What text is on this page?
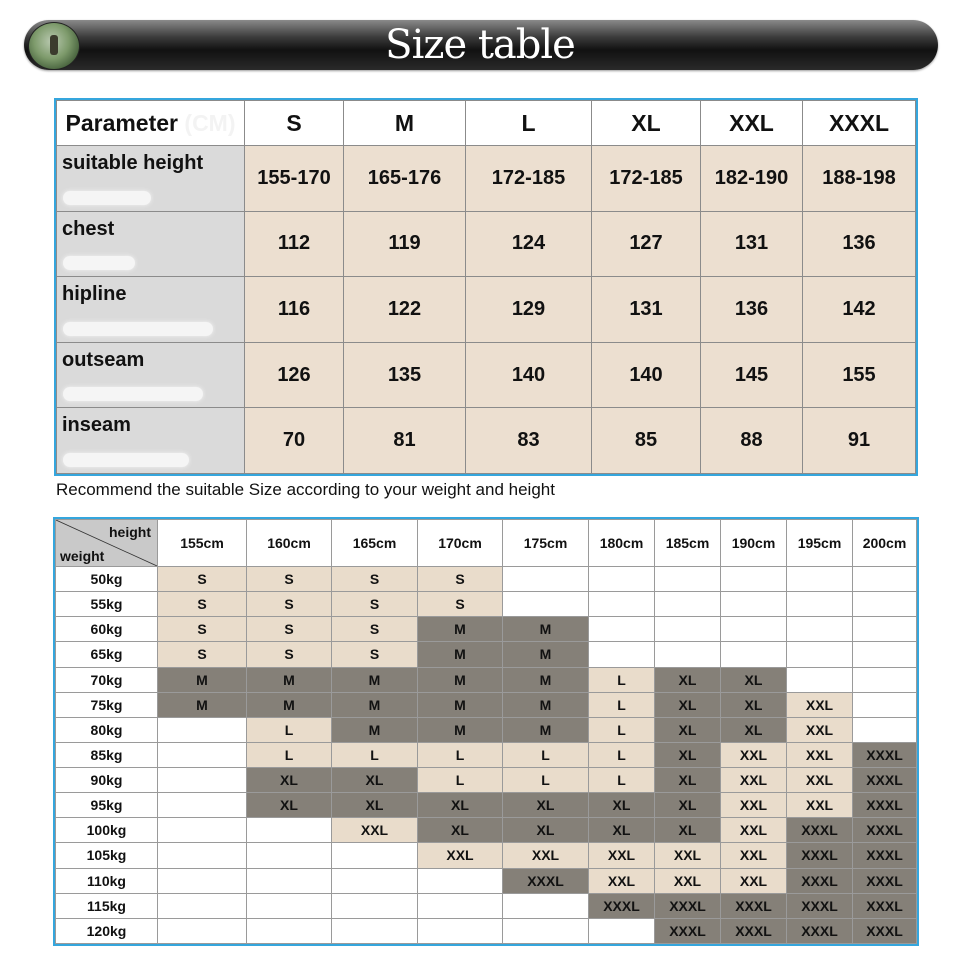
Size table
Parameter (CM)	S	M	L	XL	XXL	XXXL
suitable height	155-170	165-176	172-185	172-185	182-190	188-198
chest	112	119	124	127	131	136
hipline	116	122	129	131	136	142
outseam	126	135	140	140	145	155
inseam	70	81	83	85	88	91
Recommend the suitable Size according to your weight and height
height
weight	155cm	160cm	165cm	170cm	175cm	180cm	185cm	190cm	195cm	200cm
50kg	S	S	S	S						
55kg	S	S	S	S						
60kg	S	S	S	M	M					
65kg	S	S	S	M	M					
70kg	M	M	M	M	M	L	XL	XL		
75kg	M	M	M	M	M	L	XL	XL	XXL	
80kg		L	M	M	M	L	XL	XL	XXL	
85kg		L	L	L	L	L	XL	XXL	XXL	XXXL
90kg		XL	XL	L	L	L	XL	XXL	XXL	XXXL
95kg		XL	XL	XL	XL	XL	XL	XXL	XXL	XXXL
100kg			XXL	XL	XL	XL	XL	XXL	XXXL	XXXL
105kg				XXL	XXL	XXL	XXL	XXL	XXXL	XXXL
110kg					XXXL	XXL	XXL	XXL	XXXL	XXXL
115kg						XXXL	XXXL	XXXL	XXXL	XXXL
120kg							XXXL	XXXL	XXXL	XXXL
